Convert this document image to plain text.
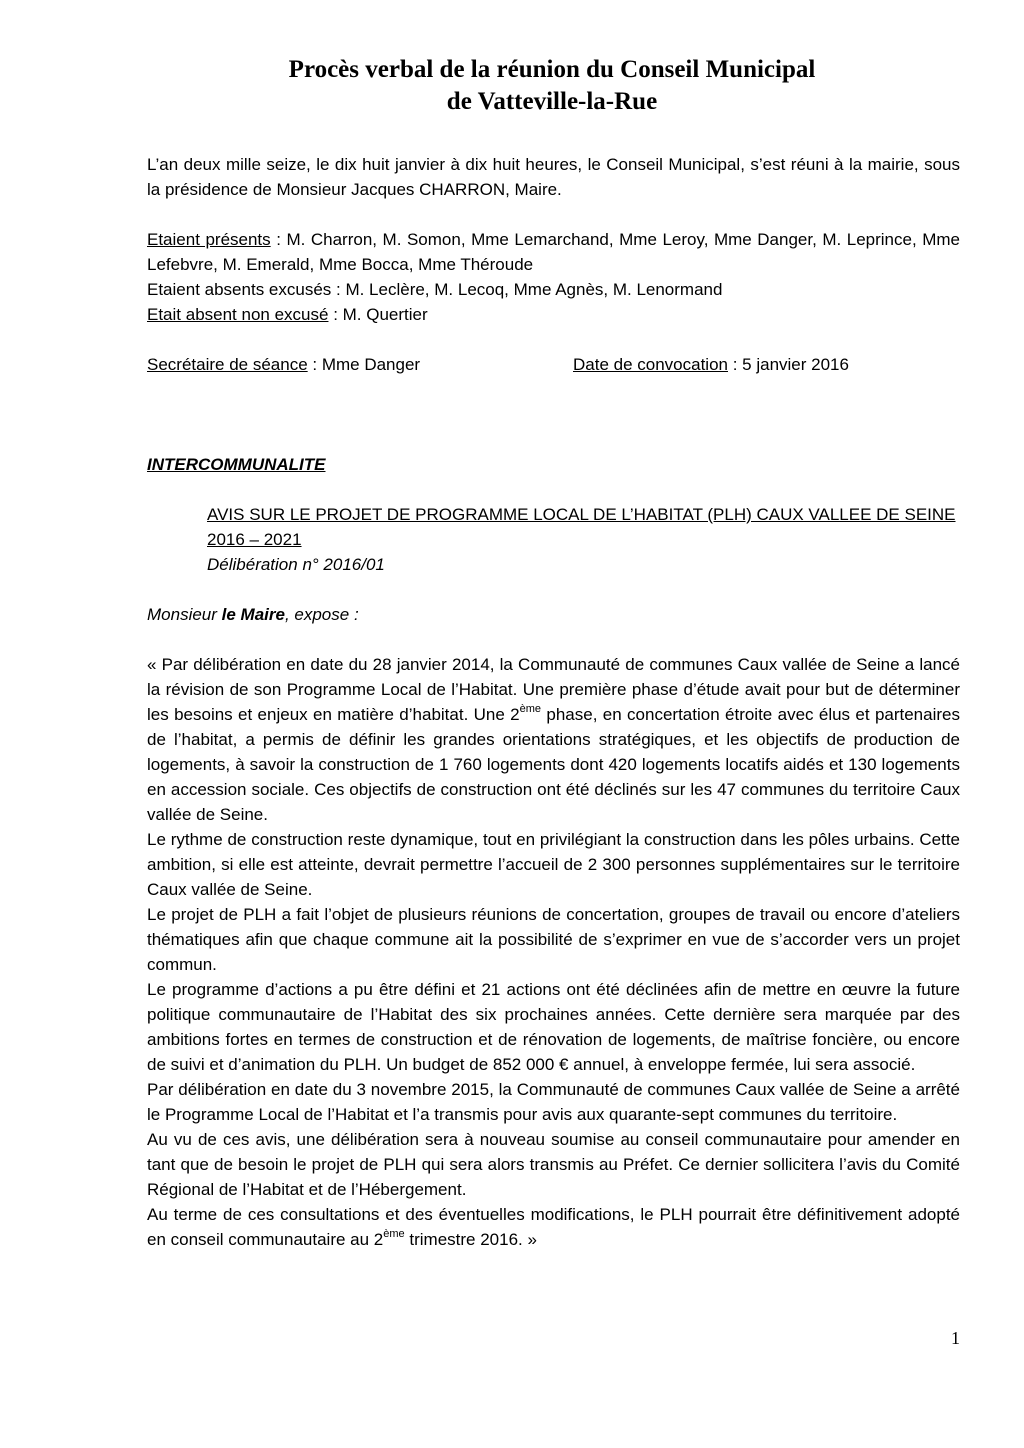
Procès verbal de la réunion du Conseil Municipal
de Vatteville-la-Rue

L’an deux mille seize, le dix huit janvier à dix huit heures, le Conseil Municipal, s’est réuni à la mairie, sous la présidence de Monsieur Jacques CHARRON, Maire.

Etaient présents : M. Charron, M. Somon, Mme Lemarchand, Mme Leroy, Mme Danger, M. Leprince, Mme Lefebvre, M. Emerald, Mme Bocca, Mme Théroude

Etaient absents excusés : M. Leclère, M. Lecoq, Mme Agnès, M. Lenormand

Etait absent non excusé : M. Quertier

Secrétaire de séance : Mme Danger	Date de convocation : 5 janvier 2016

INTERCOMMUNALITE

AVIS SUR LE PROJET DE PROGRAMME LOCAL DE L’HABITAT (PLH) CAUX VALLEE DE SEINE

2016 – 2021

Délibération n° 2016/01

Monsieur le Maire, expose :

« Par délibération en date du 28 janvier 2014, la Communauté de communes Caux vallée de Seine a lancé la révision de son Programme Local de l’Habitat. Une première phase d’étude avait pour but de déterminer les besoins et enjeux en matière d’habitat. Une 2ème phase, en concertation étroite avec élus et partenaires de l’habitat, a permis de définir les grandes orientations stratégiques, et les objectifs de production de logements, à savoir la construction de 1 760 logements dont 420 logements locatifs aidés et 130 logements en accession sociale. Ces objectifs de construction ont été déclinés sur les 47 communes du territoire Caux vallée de Seine.

Le rythme de construction reste dynamique, tout en privilégiant la construction dans les pôles urbains. Cette ambition, si elle est atteinte, devrait permettre l’accueil de 2 300 personnes supplémentaires sur le territoire Caux vallée de Seine.

Le projet de PLH a fait l’objet de plusieurs réunions de concertation, groupes de travail ou encore d’ateliers thématiques afin que chaque commune ait la possibilité de s’exprimer en vue de s’accorder vers un projet commun.

Le programme d’actions a pu être défini et 21 actions ont été déclinées afin de mettre en œuvre la future politique communautaire de l’Habitat des six prochaines années. Cette dernière sera marquée par des ambitions fortes en termes de construction et de rénovation de logements, de maîtrise foncière, ou encore de suivi et d’animation du PLH. Un budget de 852 000 € annuel, à enveloppe fermée, lui sera associé.

Par délibération en date du 3 novembre 2015, la Communauté de communes Caux vallée de Seine a arrêté le Programme Local de l’Habitat et l’a transmis pour avis aux quarante-sept communes du territoire.

Au vu de ces avis, une délibération sera à nouveau soumise au conseil communautaire pour amender en tant que de besoin le projet de PLH qui sera alors transmis au Préfet. Ce dernier sollicitera l’avis du Comité Régional de l’Habitat et de l’Hébergement.

Au terme de ces consultations et des éventuelles modifications, le PLH pourrait être définitivement adopté en conseil communautaire au 2ème trimestre 2016. »

1
